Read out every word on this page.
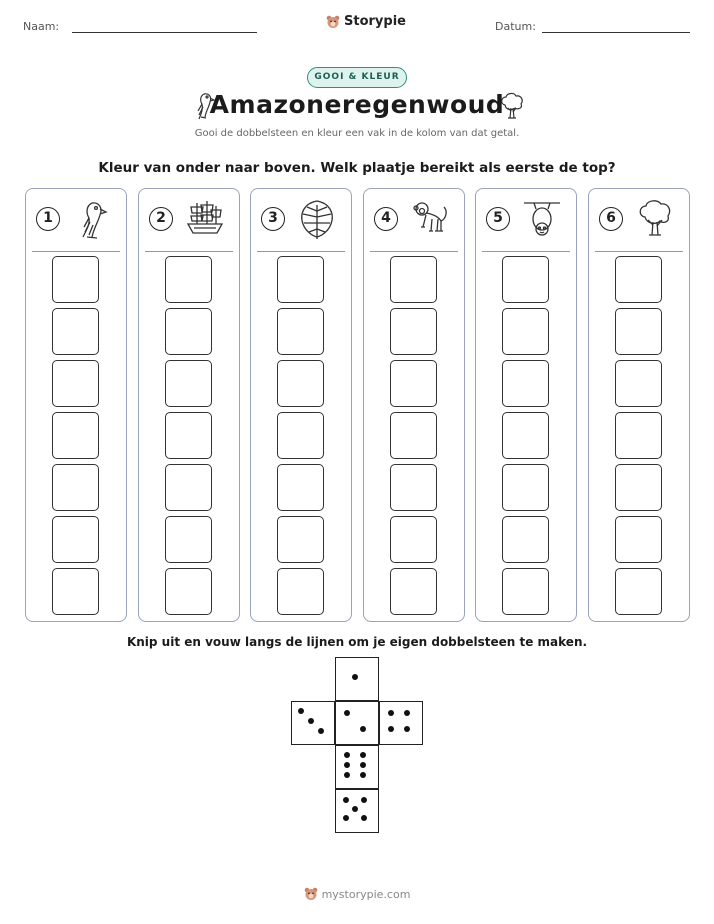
Naam:	Storypie	Datum:
GOOI & KLEUR
Amazoneregenwoud
Gooi de dobbelsteen en kleur een vak in de kolom van dat getal.
Kleur van onder naar boven. Welk plaatje bereikt als eerste de top?
1	2	3	4	5	6
Knip uit en vouw langs de lijnen om je eigen dobbelsteen te maken.
mystorypie.com
